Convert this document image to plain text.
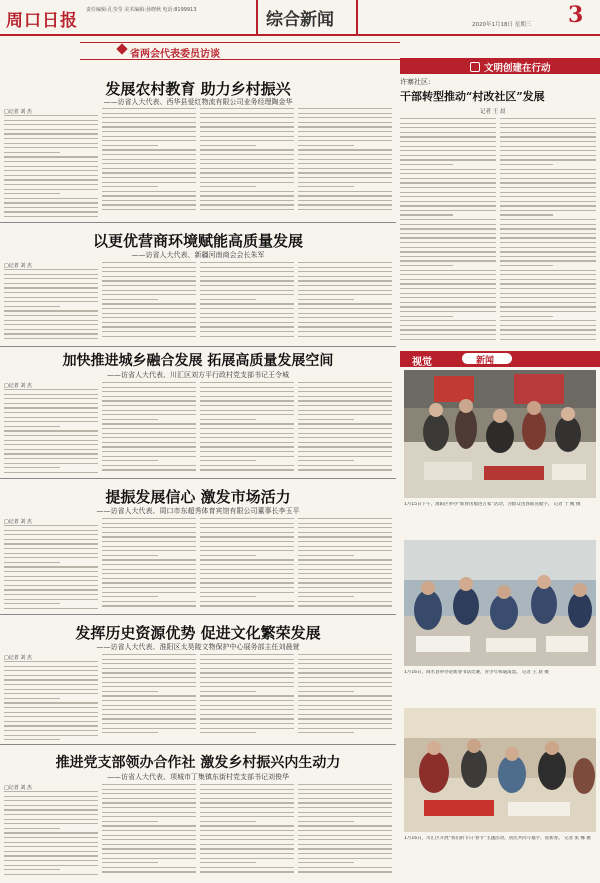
周口日报
责任编辑:孔莹莹 美术编辑:孙晓秋 电话:8199913	综合新闻	2020年1月18日 星期三 3
省两会代表委员访谈
发展农村教育 助力乡村振兴
——访省人大代表、西华县爱红物流有限公司业务经理陶金华
□记者 刘 杰
以更优营商环境赋能高质量发展
——访省人大代表、新疆河南商会会长朱军
□记者 刘 杰
加快推进城乡融合发展 拓展高质量发展空间
——访省人大代表、川汇区刘方平行政村党支部书记王令城
□记者 刘 杰
提振发展信心 激发市场活力
——访省人大代表、周口市东超秀体育宾馆有限公司董事长李玉平
□记者 刘 杰
发挥历史资源优势 促进文化繁荣发展
——访省人大代表、淮阳区太昊陵文物保护中心展务部主任刘晨萱
□记者 刘 杰
推进党支部领办合作社 激发乡村振兴内生动力
——访省人大代表、项城市丁集镇东街村党支部书记刘俊华
□记者 刘 杰
文明创建在行动
许寨社区:
干部转型推动“村改社区”发展
记者 王 晨
视觉	新闻
1月15日下午，淮阳区举办“新春送福进万家”活动，为群众送春联送福字。 记者 于 鲲 摄
1月16日，商水县举办迎新春书法比赛，青少年挥毫泼墨。 记者 王 晨 摄
1月16日，川汇区开展“我们的节日·春节”主题活动，居民共同写福字、迎新春。 记者 张 娜 摄
